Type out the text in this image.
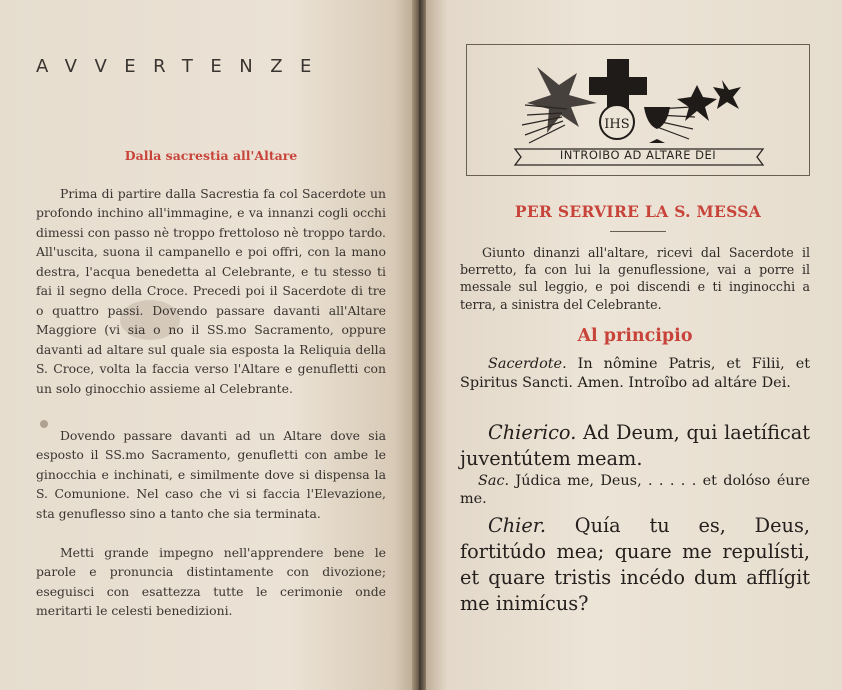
AVVERTENZE
Dalla sacrestia all'Altare

Prima di partire dalla Sacrestia fa col Sacerdote un profondo inchino all'immagine, e va innanzi cogli occhi dimessi con passo nè troppo frettoloso nè troppo tardo. All'uscita, suona il campanello e poi offri, con la mano destra, l'acqua benedetta al Celebrante, e tu stesso ti fai il segno della Croce. Precedi poi il Sacerdote di tre o quattro passi. Dovendo passare davanti all'Altare Maggiore (vi sia o no il SS.mo Sacramento, oppure davanti ad altare sul quale sia esposta la Reliquia della S. Croce, volta la faccia verso l'Altare e genufletti con un solo ginocchio assieme al Celebrante.

Dovendo passare davanti ad un Altare dove sia esposto il SS.mo Sacramento, genufletti con ambe le ginocchia e inchinati, e similmente dove si dispensa la S. Comunione. Nel caso che vi si faccia l'Elevazione, sta genuflesso sino a tanto che sia terminata.

Metti grande impegno nell'apprendere bene le parole e pronuncia distintamente con divozione; eseguisci con esattezza tutte le cerimonie onde meritarti le celesti benedizioni.

IHS
INTROIBO AD ALTARE DEI
PER SERVIRE LA S. MESSA

Giunto dinanzi all'altare, ricevi dal Sacerdote il berretto, fa con lui la genuflessione, vai a porre il messale sul leggio, e poi discendi e ti inginocchi a terra, a sinistra del Celebrante.

Al principio

Sacerdote. In nômine Patris, et Filii, et Spiritus Sancti. Amen. Introîbo ad altáre Dei.

Chierico. Ad Deum, qui laetíficat juventútem meam.

Sac. Júdica me, Deus, . . . . . et dolóso éure me.

Chier. Quía tu es, Deus, fortitúdo mea; quare me repulísti, et quare tristis incédo dum afflígit me inimícus?
